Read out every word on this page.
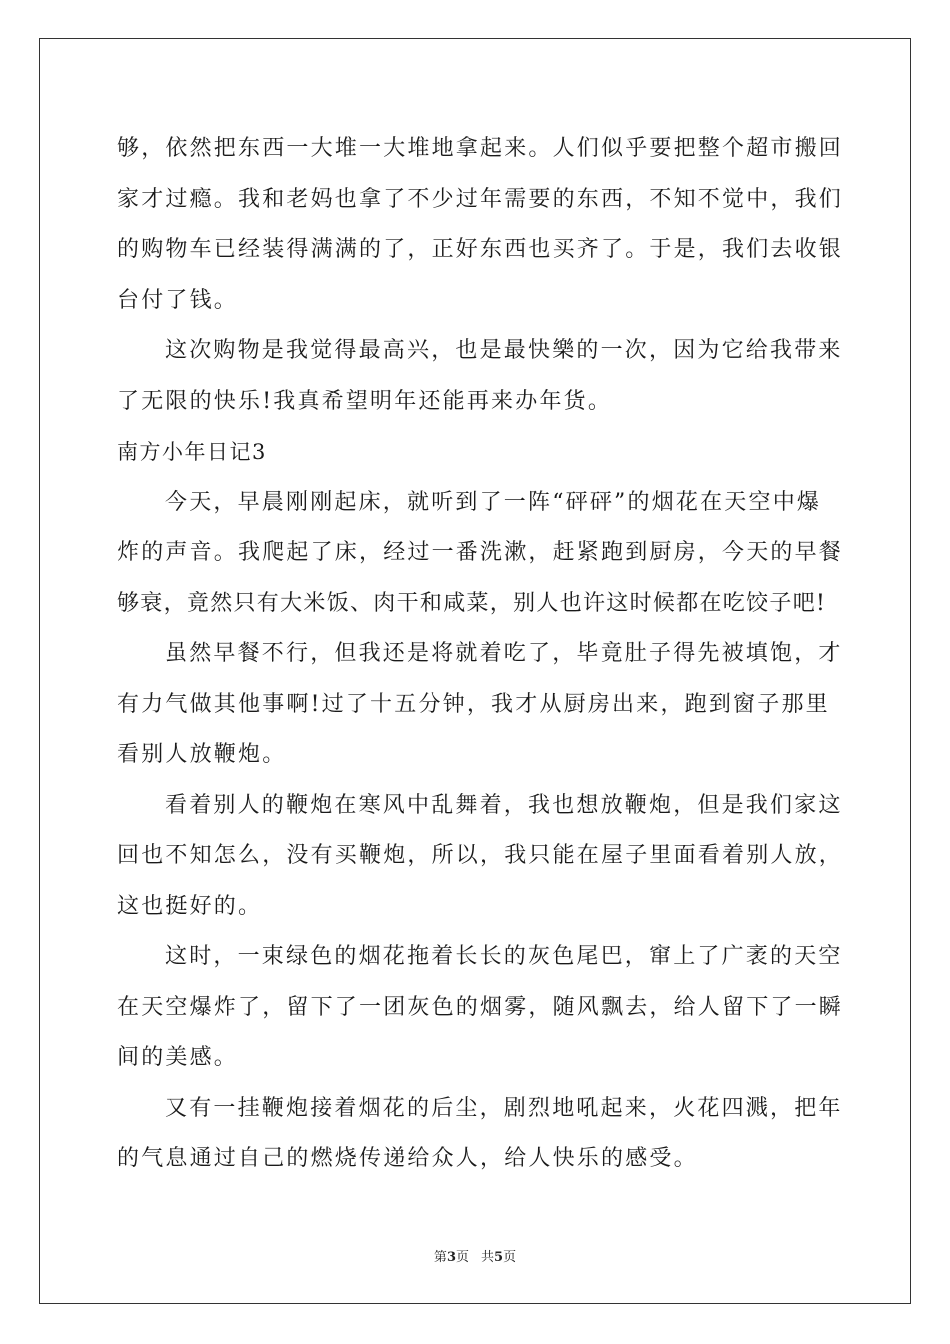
够，依然把东西一大堆一大堆地拿起来。人们似乎要把整个超市搬回
家才过瘾。我和老妈也拿了不少过年需要的东西，不知不觉中，我们
的购物车已经装得满满的了，正好东西也买齐了。于是，我们去收银
台付了钱。
这次购物是我觉得最高兴，也是最快樂的一次，因为它给我带来
了无限的快乐!我真希望明年还能再来办年货。
南方小年日记3
今天，早晨刚刚起床，就听到了一阵“砰砰”的烟花在天空中爆
炸的声音。我爬起了床，经过一番洗漱，赶紧跑到厨房，今天的早餐
够衰，竟然只有大米饭、肉干和咸菜，别人也许这时候都在吃饺子吧!
虽然早餐不行，但我还是将就着吃了，毕竟肚子得先被填饱，才
有力气做其他事啊!过了十五分钟，我才从厨房出来，跑到窗子那里
看别人放鞭炮。
看着别人的鞭炮在寒风中乱舞着，我也想放鞭炮，但是我们家这
回也不知怎么，没有买鞭炮，所以，我只能在屋子里面看着别人放，
这也挺好的。
这时，一束绿色的烟花拖着长长的灰色尾巴，窜上了广袤的天空
在天空爆炸了，留下了一团灰色的烟雾，随风飘去，给人留下了一瞬
间的美感。
又有一挂鞭炮接着烟花的后尘，剧烈地吼起来，火花四溅，把年
的气息通过自己的燃烧传递给众人，给人快乐的感受。
第3页 共5页
